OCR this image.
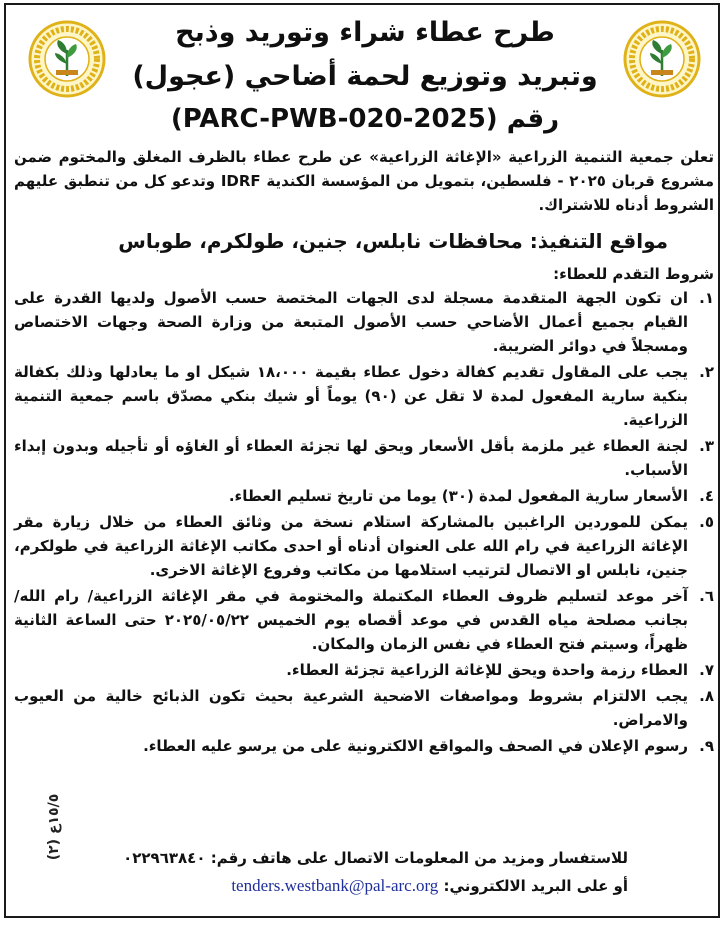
طرح عطاء شراء وتوريد وذبح
وتبريد وتوزيع لحمة أضاحي (عجول)
رقم (PARC-PWB-020-2025)
تعلن جمعية التنمية الزراعية «الإغاثة الزراعية» عن طرح عطاء بالظرف المغلق والمختوم ضمن مشروع قربان ٢٠٢٥ - فلسطين، بتمويل من المؤسسة الكندية IDRF وتدعو كل من تنطبق عليهم الشروط أدناه للاشتراك.
مواقع التنفيذ: محافظات نابلس، جنين، طولكرم، طوباس
شروط التقدم للعطاء:
١.
ان تكون الجهة المتقدمة مسجلة لدى الجهات المختصة حسب الأصول ولديها القدرة على القيام بجميع أعمال الأضاحي حسب الأصول المتبعة من وزارة الصحة وجهات الاختصاص ومسجلاً في دوائر الضريبة.
٢.
يجب على المقاول تقديم كفالة دخول عطاء بقيمة ١٨،٠٠٠ شيكل او ما يعادلها وذلك بكفالة بنكية سارية المفعول لمدة لا تقل عن (٩٠) يوماً أو شيك بنكي مصدّق باسم جمعية التنمية الزراعية.
٣.
لجنة العطاء غير ملزمة بأقل الأسعار ويحق لها تجزئة العطاء أو الغاؤه أو تأجيله وبدون إبداء الأسباب.
٤.
الأسعار سارية المفعول لمدة (٣٠) يوما من تاريخ تسليم العطاء.
٥.
يمكن للموردين الراغبين بالمشاركة استلام نسخة من وثائق العطاء من خلال زيارة مقر الإغاثة الزراعية في رام الله على العنوان أدناه أو احدى مكاتب الإغاثة الزراعية في طولكرم، جنين، نابلس او الاتصال لترتيب استلامها من مكاتب وفروع الإغاثة الاخرى.
٦.
آخر موعد لتسليم ظروف العطاء المكتملة والمختومة في مقر الإغاثة الزراعية/ رام الله/ بجانب مصلحة مياه القدس في موعد أقصاه يوم الخميس ٢٠٢٥/٠٥/٢٢ حتى الساعة الثانية ظهراً، وسيتم فتح العطاء في نفس الزمان والمكان.
٧.
العطاء رزمة واحدة ويحق للإغاثة الزراعية تجزئة العطاء.
٨.
يجب الالتزام بشروط ومواصفات الاضحية الشرعية بحيث تكون الذبائح خالية من العيوب والامراض.
٩.
رسوم الإعلان في الصحف والمواقع الالكترونية على من يرسو عليه العطاء.
للاستفسار ومزيد من المعلومات الاتصال على هاتف رقم: ٠٢٢٩٦٣٨٤٠
أو على البريد الالكتروني: tenders.westbank@pal-arc.org
١٥/٥ع (٢)
